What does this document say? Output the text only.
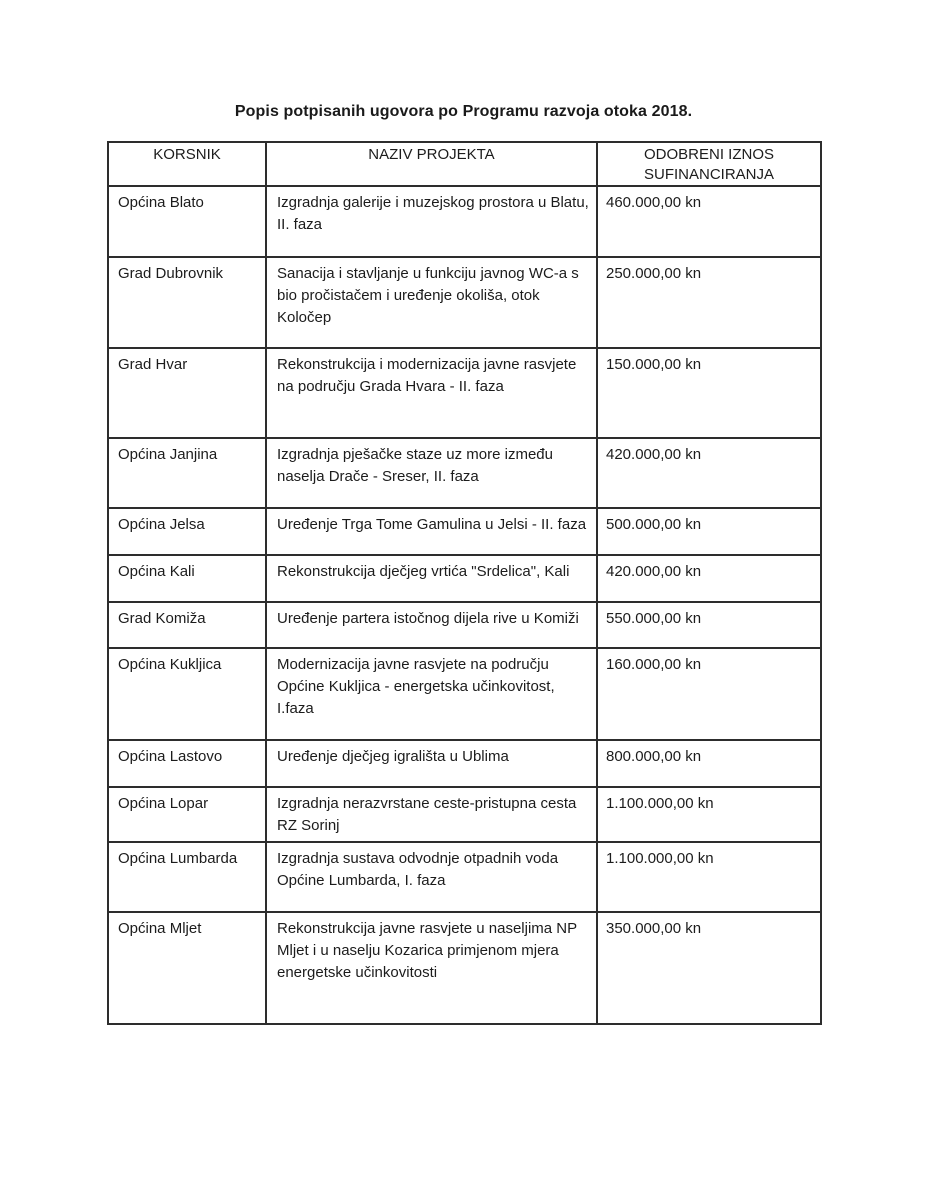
Popis potpisanih ugovora po Programu razvoja otoka 2018.
KORSNIK	NAZIV PROJEKTA	ODOBRENI IZNOS SUFINANCIRANJA
Općina Blato	Izgradnja galerije i muzejskog prostora u Blatu, II. faza	460.000,00 kn
Grad Dubrovnik	Sanacija i stavljanje u funkciju javnog WC-a s bio pročistačem i uređenje okoliša, otok Koločep	250.000,00 kn
Grad Hvar	Rekonstrukcija i modernizacija javne rasvjete na području Grada Hvara - II. faza	150.000,00 kn
Općina Janjina	Izgradnja pješačke staze uz more između naselja Drače - Sreser, II. faza	420.000,00 kn
Općina Jelsa	Uređenje Trga Tome Gamulina u Jelsi - II. faza	500.000,00 kn
Općina Kali	Rekonstrukcija dječjeg vrtića "Srdelica", Kali	420.000,00 kn
Grad Komiža	Uređenje partera istočnog dijela rive u Komiži	550.000,00 kn
Općina Kukljica	Modernizacija javne rasvjete na području Općine Kukljica - energetska učinkovitost, I.faza	160.000,00 kn
Općina Lastovo	Uređenje dječjeg igrališta u Ublima	800.000,00 kn
Općina Lopar	Izgradnja nerazvrstane ceste-pristupna cesta RZ Sorinj	1.100.000,00 kn
Općina Lumbarda	Izgradnja sustava odvodnje otpadnih voda Općine Lumbarda, I. faza	1.100.000,00 kn
Općina Mljet	Rekonstrukcija javne rasvjete u naseljima NP Mljet i u naselju Kozarica primjenom mjera energetske učinkovitosti	350.000,00 kn
